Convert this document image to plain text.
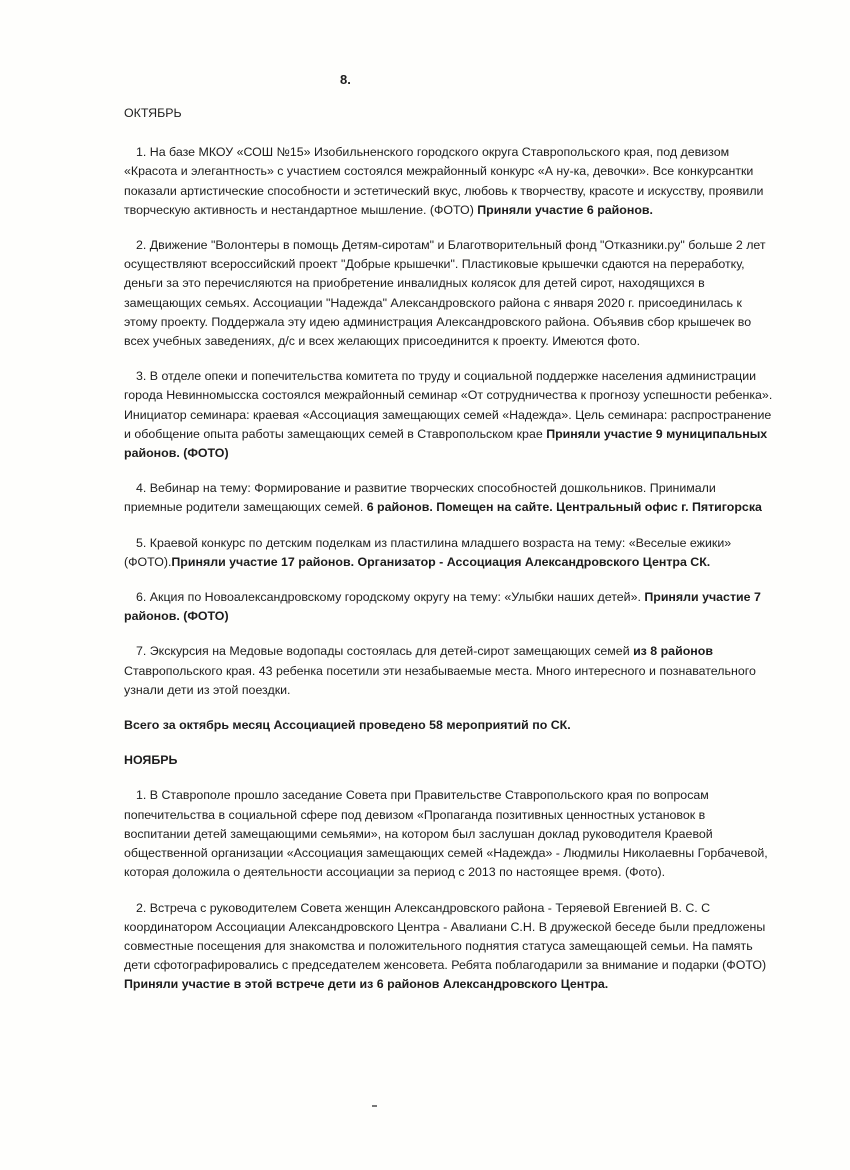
8.

ОКТЯБРЬ

1. На базе МКОУ «СОШ №15» Изобильненского городского округа Ставропольского края, под девизом «Красота и элегантность» с участием состоялся межрайонный конкурс «А ну-ка, девочки». Все конкурсантки показали артистические способности и эстетический вкус, любовь к творчеству, красоте и искусству, проявили творческую активность и нестандартное мышление. (ФОТО) Приняли участие 6 районов.

2. Движение "Волонтеры в помощь Детям-сиротам" и Благотворительный фонд "Отказники.ру" больше 2 лет осуществляют всероссийский проект "Добрые крышечки". Пластиковые крышечки сдаются на переработку, деньги за это перечисляются на приобретение инвалидных колясок для детей сирот, находящихся в замещающих семьях. Ассоциации "Надежда" Александровского района с января 2020 г. присоединилась к этому проекту. Поддержала эту идею администрация Александровского района. Объявив сбор крышечек во всех учебных заведениях, д/с и всех желающих присоединится к проекту. Имеются фото.

3. В отделе опеки и попечительства комитета по труду и социальной поддержке населения администрации города Невинномысска состоялся межрайонный семинар «От сотрудничества к прогнозу успешности ребенка». Инициатор семинара: краевая «Ассоциация замещающих семей «Надежда». Цель семинара: распространение и обобщение опыта работы замещающих семей в Ставропольском крае Приняли участие 9 муниципальных районов. (ФОТО)

4. Вебинар на тему: Формирование и развитие творческих способностей дошкольников. Принимали приемные родители замещающих семей. 6 районов. Помещен на сайте. Центральный офис г. Пятигорска

5. Краевой конкурс по детским поделкам из пластилина младшего возраста на тему: «Веселые ежики» (ФОТО).Приняли участие 17 районов. Организатор - Ассоциация Александровского Центра СК.

6. Акция по Новоалександровскому городскому округу на тему: «Улыбки наших детей». Приняли участие 7 районов. (ФОТО)

7. Экскурсия на Медовые водопады состоялась для детей-сирот замещающих семей из 8 районов Ставропольского края. 43 ребенка посетили эти незабываемые места. Много интересного и познавательного узнали дети из этой поездки.

Всего за октябрь месяц Ассоциацией проведено 58 мероприятий по СК.

НОЯБРЬ

1. В Ставрополе прошло заседание Совета при Правительстве Ставропольского края по вопросам попечительства в социальной сфере под девизом «Пропаганда позитивных ценностных установок в воспитании детей замещающими семьями», на котором был заслушан доклад руководителя Краевой общественной организации «Ассоциация замещающих семей «Надежда» - Людмилы Николаевны Горбачевой, которая доложила о деятельности ассоциации за период с 2013 по настоящее время. (Фото).

2. Встреча с руководителем Совета женщин Александровского района - Теряевой Евгенией В. С. С координатором Ассоциации Александровского Центра - Авалиани С.Н. В дружеской беседе были предложены совместные посещения для знакомства и положительного поднятия статуса замещающей семьи. На память дети сфотографировались с председателем женсовета. Ребята поблагодарили за внимание и подарки (ФОТО) Приняли участие в этой встрече дети из 6 районов Александровского Центра.
